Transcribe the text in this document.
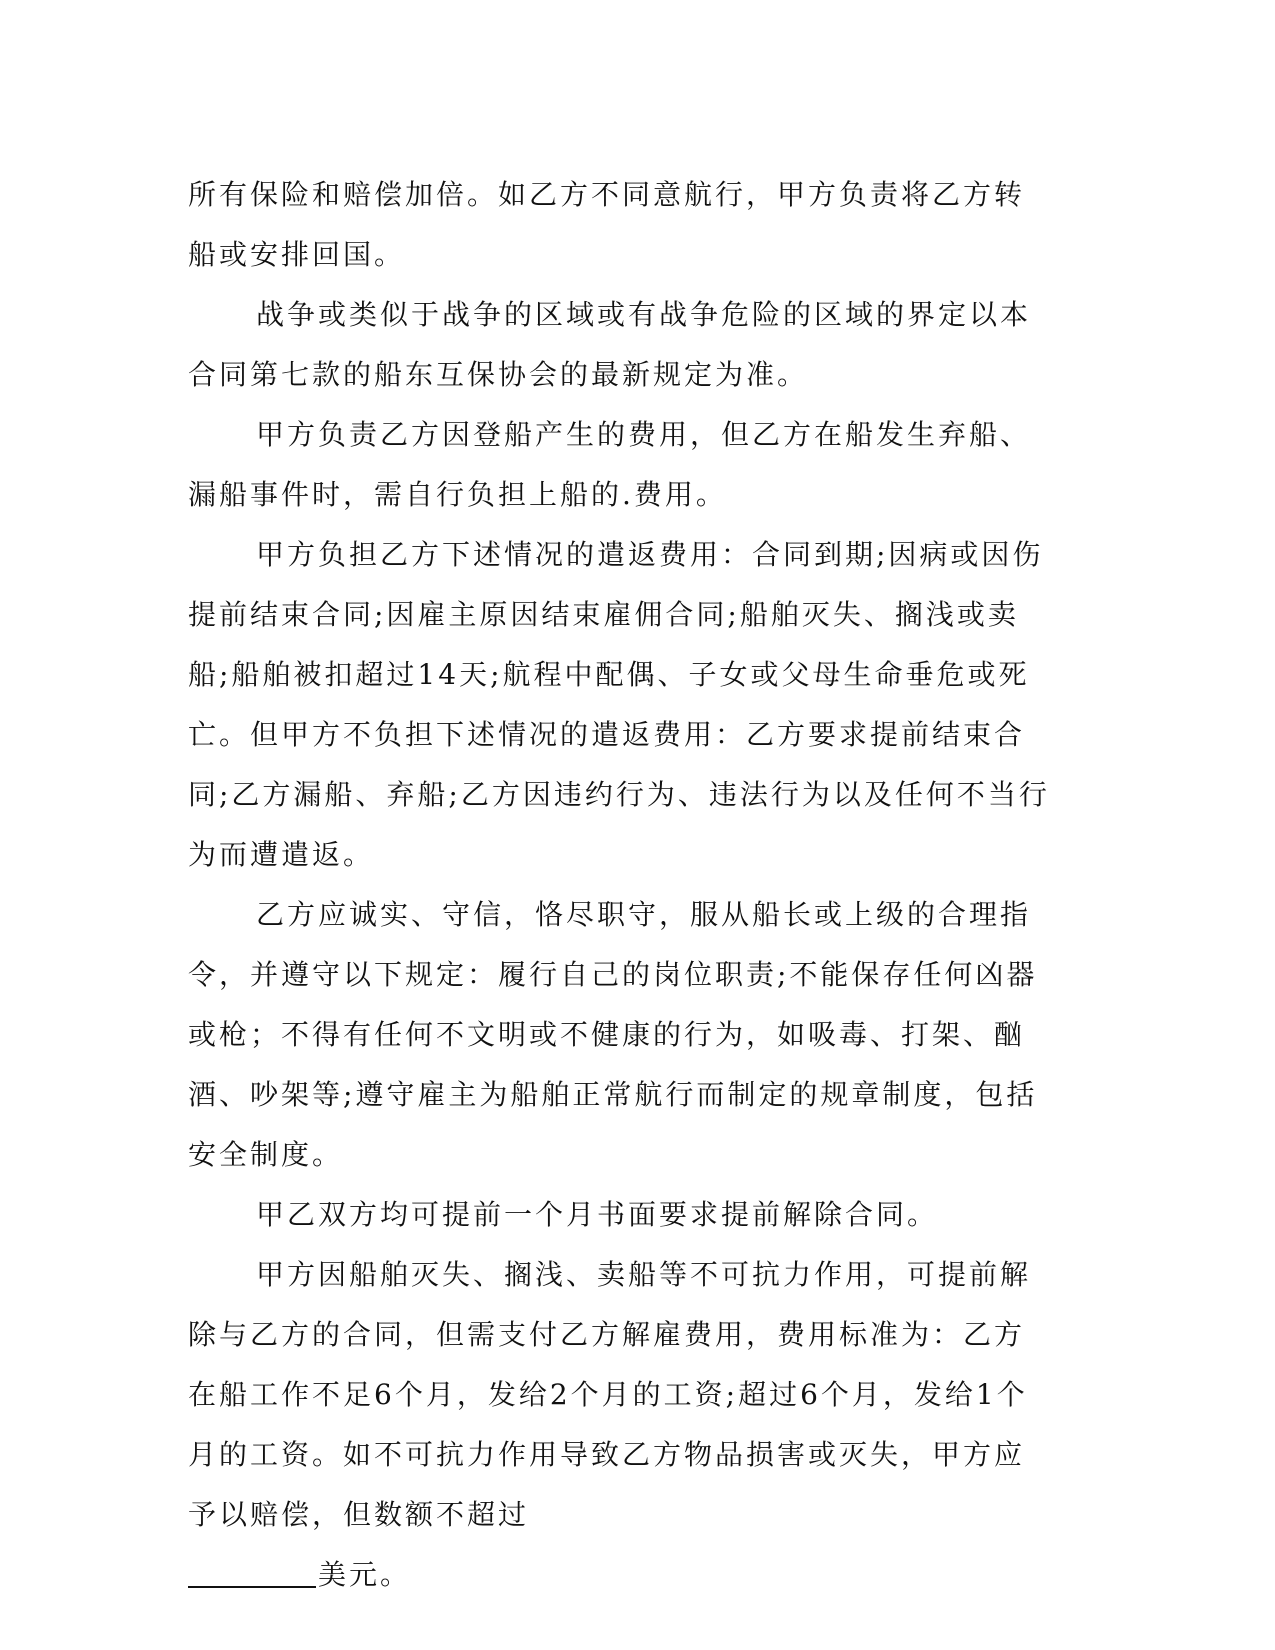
所有保险和赔偿加倍。如乙方不同意航行，甲方负责将乙方转船或安排回国。

战争或类似于战争的区域或有战争危险的区域的界定以本合同第七款的船东互保协会的最新规定为准。

甲方负责乙方因登船产生的费用，但乙方在船发生弃船、漏船事件时，需自行负担上船的.费用。

甲方负担乙方下述情况的遣返费用：合同到期;因病或因伤提前结束合同;因雇主原因结束雇佣合同;船舶灭失、搁浅或卖船;船舶被扣超过14天;航程中配偶、子女或父母生命垂危或死亡。但甲方不负担下述情况的遣返费用：乙方要求提前结束合同;乙方漏船、弃船;乙方因违约行为、违法行为以及任何不当行为而遭遣返。

乙方应诚实、守信，恪尽职守，服从船长或上级的合理指令，并遵守以下规定：履行自己的岗位职责;不能保存任何凶器或枪；不得有任何不文明或不健康的行为，如吸毒、打架、酗酒、吵架等;遵守雇主为船舶正常航行而制定的规章制度，包括安全制度。

甲乙双方均可提前一个月书面要求提前解除合同。

甲方因船舶灭失、搁浅、卖船等不可抗力作用，可提前解除与乙方的合同，但需支付乙方解雇费用，费用标准为：乙方在船工作不足6个月，发给2个月的工资;超过6个月，发给1个月的工资。如不可抗力作用导致乙方物品损害或灭失，甲方应予以赔偿，但数额不超过

美元。
